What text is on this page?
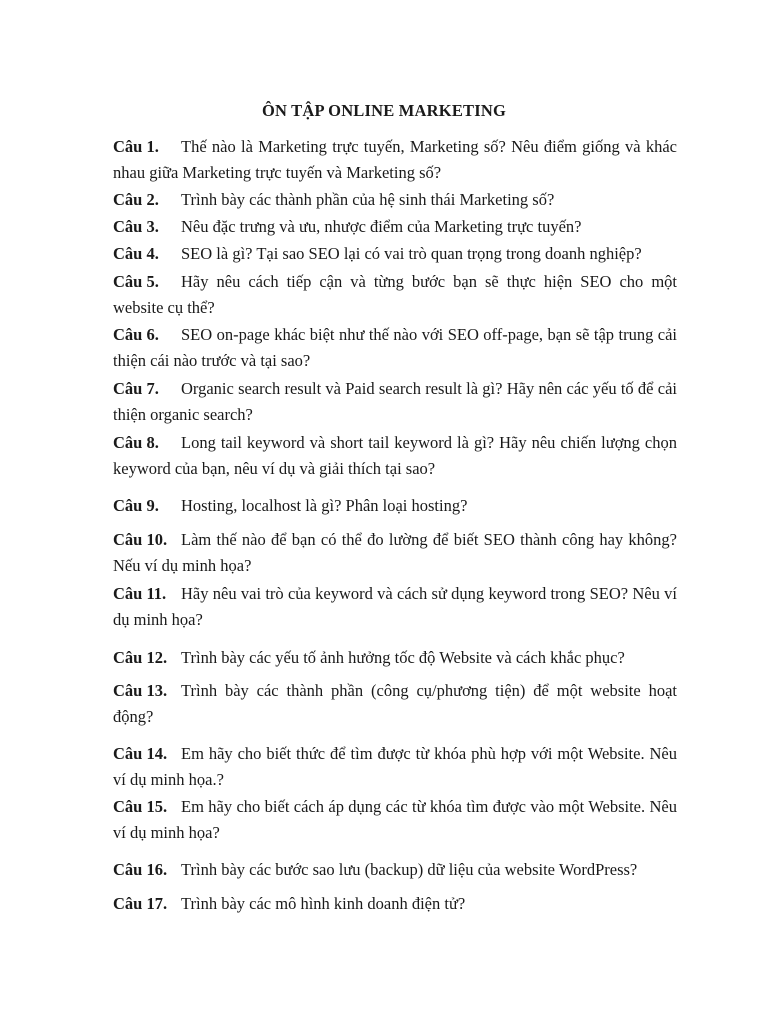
ÔN TẬP ONLINE MARKETING
Câu 1.	Thế nào là Marketing trực tuyến, Marketing số? Nêu điểm giống và khác nhau giữa Marketing trực tuyến và Marketing số?
Câu 2.	Trình bày các thành phần của hệ sinh thái Marketing số?
Câu 3.	Nêu đặc trưng và ưu, nhược điểm của Marketing trực tuyến?
Câu 4.	SEO là gì? Tại sao SEO lại có vai trò quan trọng trong doanh nghiệp?
Câu 5.	Hãy nêu cách tiếp cận và từng bước bạn sẽ thực hiện SEO cho một website cụ thể?
Câu 6.	SEO on-page khác biệt như thế nào với SEO off-page, bạn sẽ tập trung cải thiện cái nào trước và tại sao?
Câu 7.	Organic search result và Paid search result là gì? Hãy nên các yếu tố để cải thiện organic search?
Câu 8.	Long tail keyword và short tail keyword là gì? Hãy nêu chiến lượng chọn keyword của bạn, nêu ví dụ và giải thích tại sao?
Câu 9.	Hosting, localhost là gì? Phân loại hosting?
Câu 10. Làm thế nào để bạn có thể đo lường để biết SEO thành công hay không? Nếu ví dụ minh họa?
Câu 11. Hãy nêu vai trò của keyword và cách sử dụng keyword trong SEO? Nêu ví dụ minh họa?
Câu 12. Trình bày các yếu tố ảnh hưởng tốc độ Website và cách khắc phục?
Câu 13. Trình bày các thành phần (công cụ/phương tiện) để một website hoạt động?
Câu 14. Em hãy cho biết thức để tìm được từ khóa phù hợp với một Website. Nêu ví dụ minh họa.?
Câu 15. Em hãy cho biết cách áp dụng các từ khóa tìm được vào một Website. Nêu ví dụ minh họa?
Câu 16. Trình bày các bước sao lưu (backup) dữ liệu của website WordPress?
Câu 17. Trình bày các mô hình kinh doanh điện tử?
